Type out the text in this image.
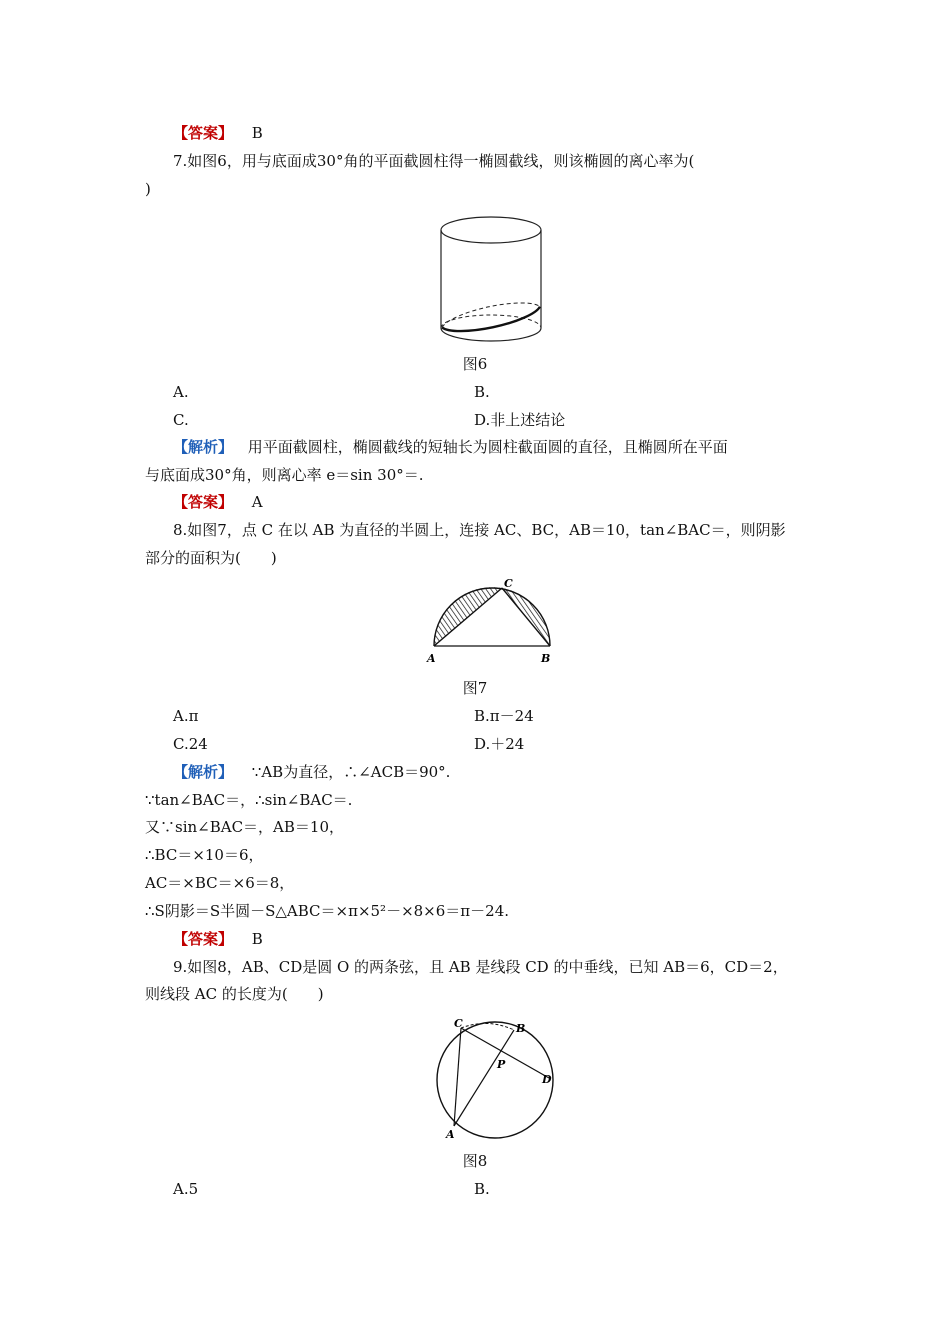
【答案】 B
7.如图6，用与底面成30°角的平面截圆柱得一椭圆截线，则该椭圆的离心率为(
)
图6
A.	B.
C.	D.非上述结论
【解析】 用平面截圆柱，椭圆截线的短轴长为圆柱截面圆的直径，且椭圆所在平面
与底面成30°角，则离心率 e＝sin 30°＝.
【答案】 A
8.如图7，点 C 在以 AB 为直径的半圆上，连接 AC、BC，AB＝10，tan∠BAC＝，则阴影
部分的面积为(　　)
A	B
C
图7
A.π	B.π－24
C.24	D.＋24
【解析】 ∵AB为直径，∴∠ACB＝90°.
∵tan∠BAC＝，∴sin∠BAC＝.
又∵sin∠BAC＝，AB＝10，
∴BC＝×10＝6，
AC＝×BC＝×6＝8，
∴S阴影＝S半圆－S△ABC＝×π×5²－×8×6＝π－24.
【答案】 B
9.如图8，AB、CD是圆 O 的两条弦，且 AB 是线段 CD 的中垂线，已知 AB＝6，CD＝2，
则线段 AC 的长度为(　　)
A
B
C
D
P
图8
A.5	B.
